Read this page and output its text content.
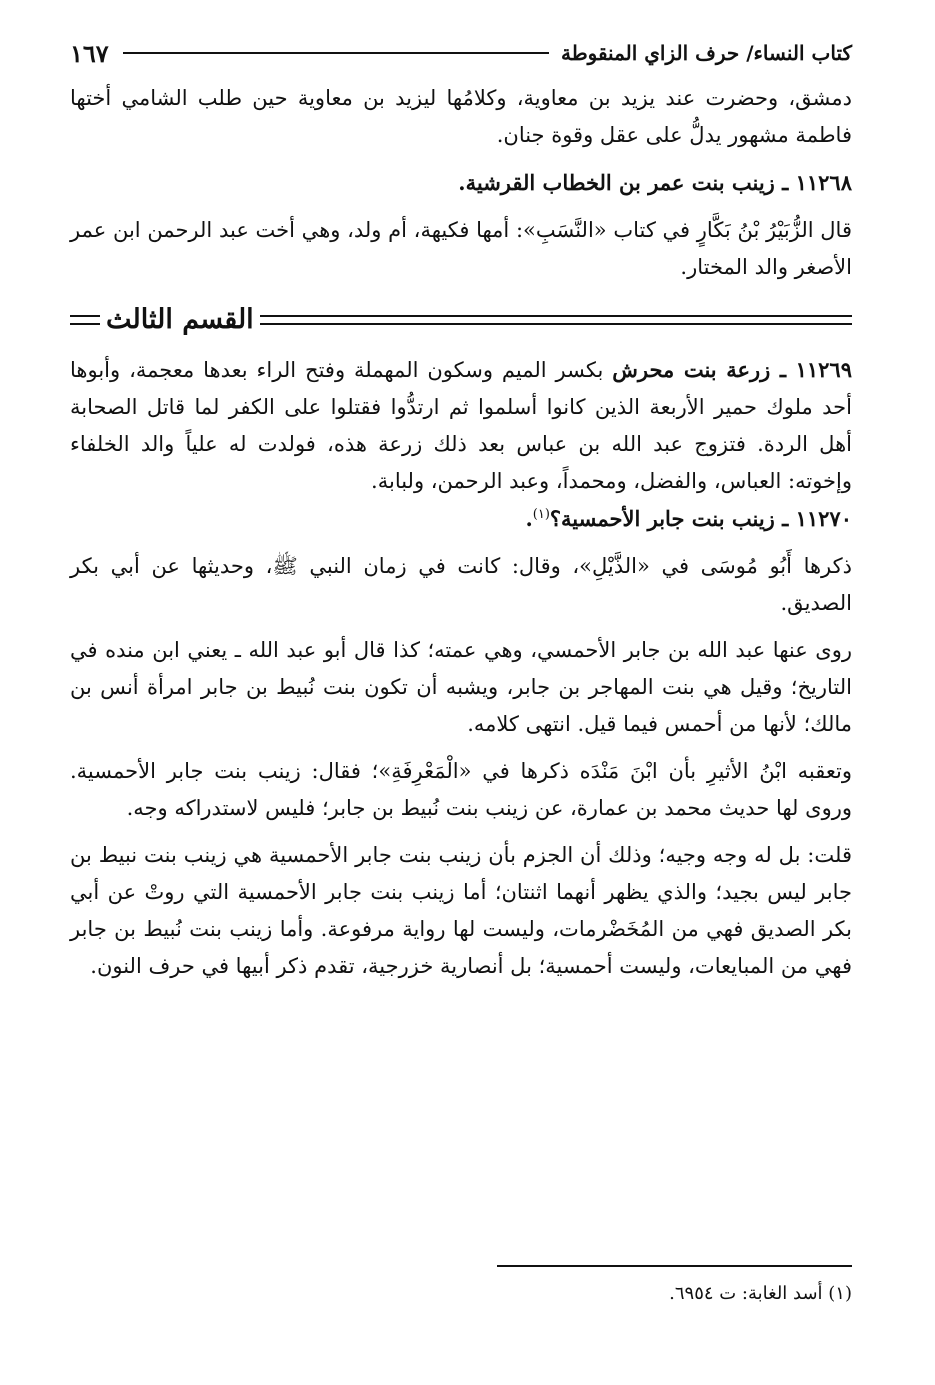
كتاب النساء/ حرف الزاي المنقوطة
١٦٧

دمشق، وحضرت عند يزيد بن معاوية، وكلامُها ليزيد بن معاوية حين طلب الشامي أختها فاطمة مشهور يدلُّ على عقل وقوة جنان.

١١٢٦٨ ـ زينب بنت عمر بن الخطاب القرشية.

قال الزُّبَيْرُ بْنُ بَكَّارٍ في كتاب «النَّسَبِ»: أمها فكيهة، أم ولد، وهي أخت عبد الرحمن ابن عمر الأصغر والد المختار.

القسم الثالث

١١٢٦٩ ـ زرعة بنت محرش بكسر الميم وسكون المهملة وفتح الراء بعدها معجمة، وأبوها أحد ملوك حمير الأربعة الذين كانوا أسلموا ثم ارتدُّوا فقتلوا على الكفر لما قاتل الصحابة أهل الردة. فتزوج عبد الله بن عباس بعد ذلك زرعة هذه، فولدت له علياً والد الخلفاء وإخوته: العباس، والفضل، ومحمداً، وعبد الرحمن، ولبابة.

١١٢٧٠ ـ زينب بنت جابر الأحمسية؟$^{(١)}$.

ذكرها أَبُو مُوسَى في «الذَّيْلِ»، وقال: كانت في زمان النبي ﷺ، وحديثها عن أبي بكر الصديق.

روى عنها عبد الله بن جابر الأحمسي، وهي عمته؛ كذا قال أبو عبد الله ـ يعني ابن منده في التاريخ؛ وقيل هي بنت المهاجر بن جابر، ويشبه أن تكون بنت نُبيط بن جابر امرأة أنس بن مالك؛ لأنها من أحمس فيما قيل. انتهى كلامه.

وتعقبه ابْنُ الأثيرِ بأن ابْنَ مَنْدَه ذكرها في «الْمَعْرِفَةِ»؛ فقال: زينب بنت جابر الأحمسية. وروى لها حديث محمد بن عمارة، عن زينب بنت نُبيط بن جابر؛ فليس لاستدراكه وجه.

قلت: بل له وجه وجيه؛ وذلك أن الجزم بأن زينب بنت جابر الأحمسية هي زينب بنت نبيط بن جابر ليس بجيد؛ والذي يظهر أنهما اثنتان؛ أما زينب بنت جابر الأحمسية التي روتْ عن أبي بكر الصديق فهي من المُخَضْرمات، وليست لها رواية مرفوعة. وأما زينب بنت نُبيط بن جابر فهي من المبايعات، وليست أحمسية؛ بل أنصارية خزرجية، تقدم ذكر أبيها في حرف النون.

(١) أسد الغابة: ت ٦٩٥٤.
